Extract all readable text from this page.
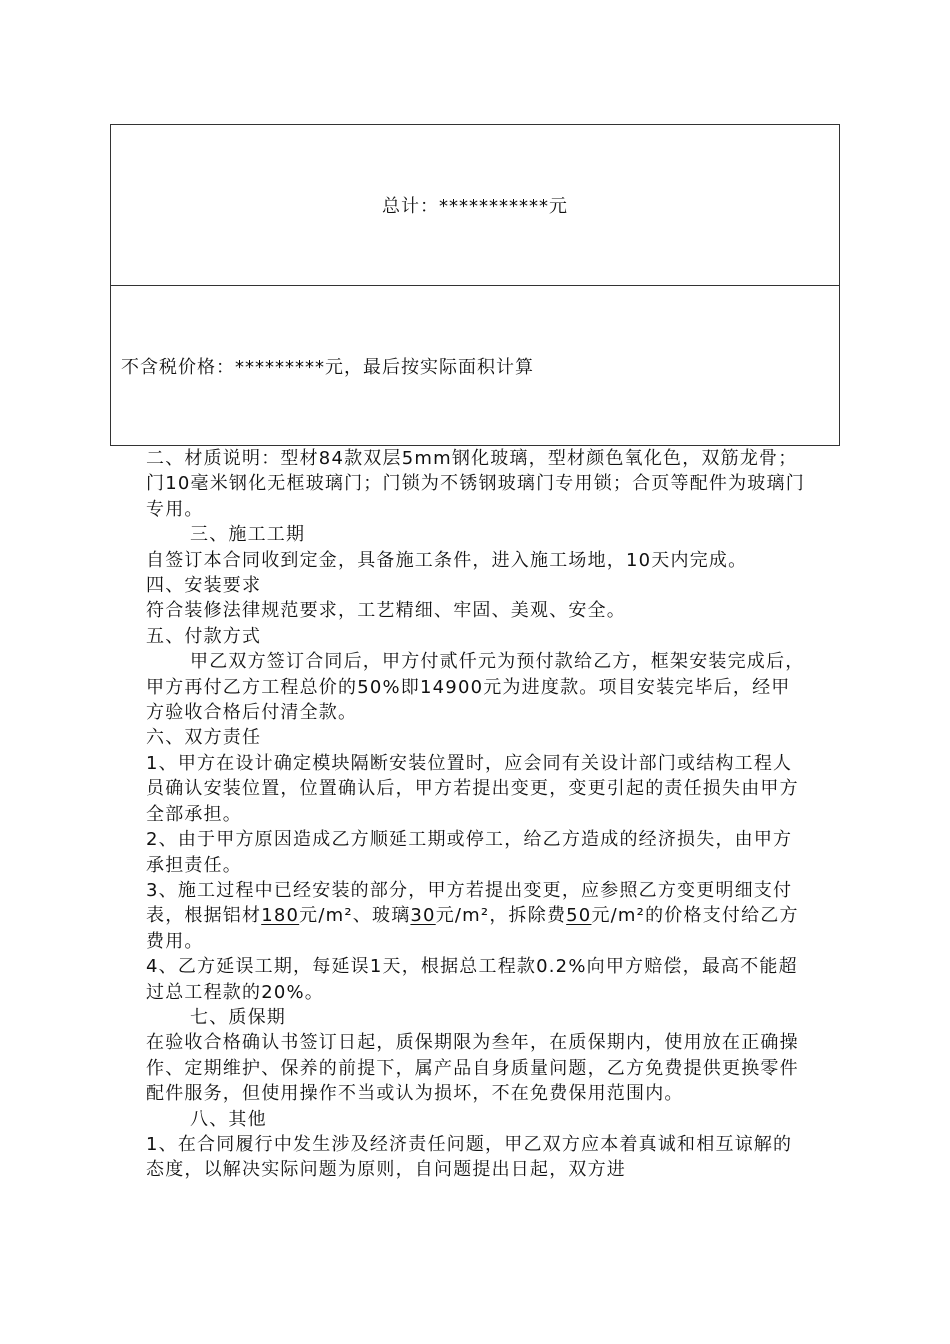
总计：***********元
不含税价格：*********元，最后按实际面积计算

二、材质说明：型材84款双层5mm钢化玻璃，型材颜色氧化色，双筋龙骨；门10毫米钢化无框玻璃门；门锁为不锈钢玻璃门专用锁；合页等配件为玻璃门专用。

三、施工工期

自签订本合同收到定金，具备施工条件，进入施工场地，10天内完成。

四、安装要求

符合装修法律规范要求，工艺精细、牢固、美观、安全。

五、付款方式

甲乙双方签订合同后，甲方付贰仟元为预付款给乙方，框架安装完成后，甲方再付乙方工程总价的50%即14900元为进度款。项目安装完毕后，经甲方验收合格后付清全款。

六、双方责任

1、甲方在设计确定模块隔断安装位置时，应会同有关设计部门或结构工程人员确认安装位置，位置确认后，甲方若提出变更，变更引起的责任损失由甲方全部承担。

2、由于甲方原因造成乙方顺延工期或停工，给乙方造成的经济损失，由甲方承担责任。

3、施工过程中已经安装的部分，甲方若提出变更，应参照乙方变更明细支付表，根据铝材180元/m²、玻璃30元/m²，拆除费50元/m²的价格支付给乙方费用。

4、乙方延误工期，每延误1天，根据总工程款0.2%向甲方赔偿，最高不能超过总工程款的20%。

七、质保期

在验收合格确认书签订日起，质保期限为叁年，在质保期内，使用放在正确操作、定期维护、保养的前提下，属产品自身质量问题，乙方免费提供更换零件配件服务，但使用操作不当或认为损坏，不在免费保用范围内。

八、其他

1、在合同履行中发生涉及经济责任问题，甲乙双方应本着真诚和相互谅解的态度，以解决实际问题为原则，自问题提出日起，双方进
